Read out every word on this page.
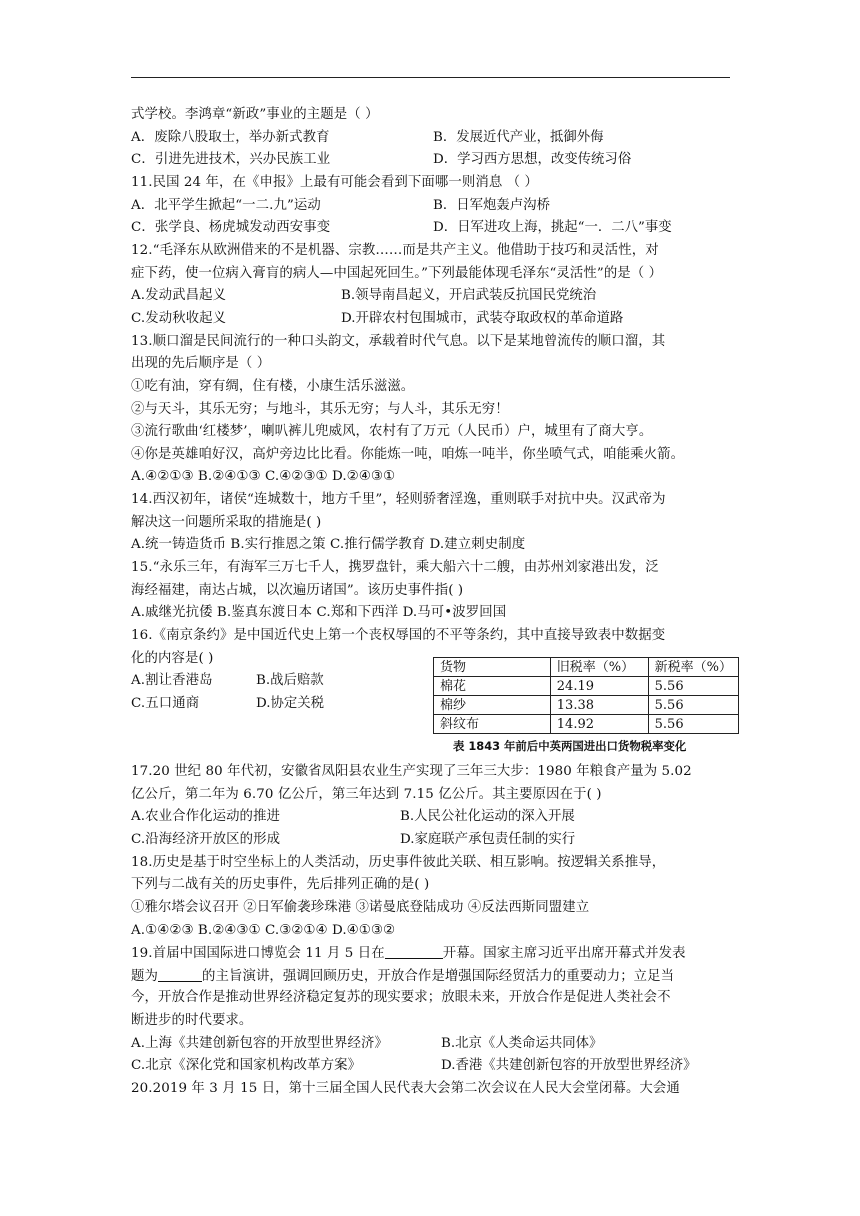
式学校。李鸿章“新政”事业的主题是（ ）
A．废除八股取士，举办新式教育	B．发展近代产业，抵御外侮
C．引进先进技术，兴办民族工业	D．学习西方思想，改变传统习俗
11.民国 24 年，在《申报》上最有可能会看到下面哪一则消息 （ ）
A．北平学生掀起“一二.九”运动	B．日军炮轰卢沟桥
C．张学良、杨虎城发动西安事变	D．日军进攻上海，挑起“一．二八”事变
12.“毛泽东从欧洲借来的不是机器、宗教……而是共产主义。他借助于技巧和灵活性，对
症下药，使一位病入膏肓的病人—中国起死回生。”下列最能体现毛泽东“灵活性”的是（ ）
A.发动武昌起义	B.领导南昌起义，开启武装反抗国民党统治
C.发动秋收起义	D.开辟农村包围城市，武装夺取政权的革命道路
13.顺口溜是民间流行的一种口头韵文，承载着时代气息。以下是某地曾流传的顺口溜，其
出现的先后顺序是（ ）
①吃有油，穿有绸，住有楼，小康生活乐滋滋。
②与天斗，其乐无穷；与地斗，其乐无穷；与人斗，其乐无穷！
③流行歌曲‘红楼梦’，喇叭裤儿兜威风，农村有了万元（人民币）户，城里有了商大亨。
④你是英雄咱好汉，高炉旁边比比看。你能炼一吨，咱炼一吨半，你坐喷气式，咱能乘火箭。
A.④②①③ B.②④①③ C.④②③① D.②④③①
14.西汉初年，诸侯“连城数十，地方千里”，轻则骄奢淫逸，重则联手对抗中央。汉武帝为
解决这一问题所采取的措施是( )
A.统一铸造货币 B.实行推恩之策 C.推行儒学教育 D.建立刺史制度
15.“永乐三年，有海军三万七千人，携罗盘针，乘大船六十二艘，由苏州刘家港出发，泛
海经福建，南达占城，以次遍历诸国”。该历史事件指( )
A.戚继光抗倭 B.鉴真东渡日本 C.郑和下西洋 D.马可•波罗回国
16.《南京条约》是中国近代史上第一个丧权辱国的不平等条约，其中直接导致表中数据变
化的内容是( )
A.割让香港岛	B.战后赔款
C.五口通商	D.协定关税
货物	旧税率（%）	新税率（%）
棉花	24.19	5.56
棉纱	13.38	5.56
斜纹布	14.92	5.56
表 1843 年前后中英两国进出口货物税率变化
17.20 世纪 80 年代初，安徽省凤阳县农业生产实现了三年三大步：1980 年粮食产量为 5.02
亿公斤，第二年为 6.70 亿公斤，第三年达到 7.15 亿公斤。其主要原因在于( )
A.农业合作化运动的推进	B.人民公社化运动的深入开展
C.沿海经济开放区的形成	D.家庭联产承包责任制的实行
18.历史是基于时空坐标上的人类活动，历史事件彼此关联、相互影响。按逻辑关系推导，
下列与二战有关的历史事件，先后排列正确的是( )
①雅尔塔会议召开 ②日军偷袭珍珠港 ③诺曼底登陆成功 ④反法西斯同盟建立
A.①④②③ B.②④③① C.③②①④ D.④①③②
19.首届中国国际进口博览会 11 月 5 日在	开幕。国家主席习近平出席开幕式并发表
题为	的主旨演讲，强调回顾历史，开放合作是增强国际经贸活力的重要动力；立足当
今，开放合作是推动世界经济稳定复苏的现实要求；放眼未来，开放合作是促进人类社会不
断进步的时代要求。
A.上海《共建创新包容的开放型世界经济》	B.北京《人类命运共同体》
C.北京《深化党和国家机构改革方案》	D.香港《共建创新包容的开放型世界经济》
20.2019 年 3 月 15 日，第十三届全国人民代表大会第二次会议在人民大会堂闭幕。大会通
